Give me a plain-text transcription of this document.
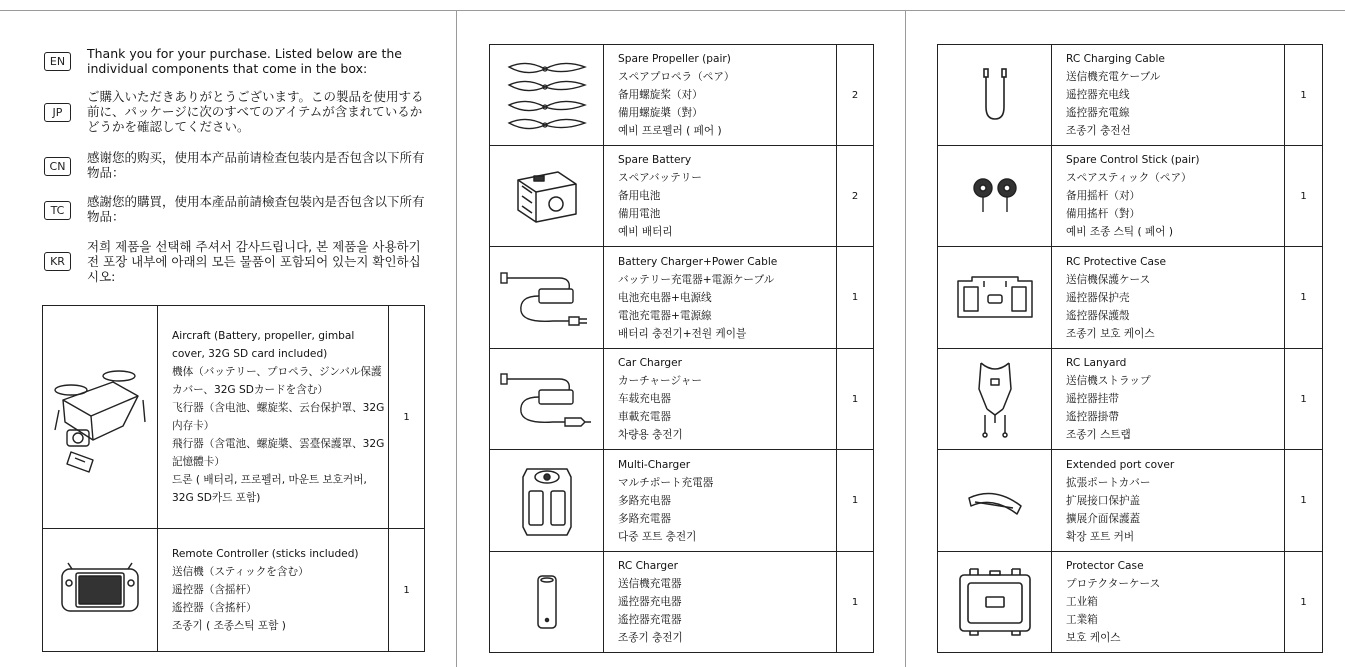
EN
Thank you for your purchase. Listed below are the individual components that come in the box:
JP
ご購入いただきありがとうございます。この製品を使用する前に、パッケージに次のすべてのアイテムが含まれているかどうかを確認してください。
CN
感谢您的购买，使用本产品前请检查包装内是否包含以下所有物品：
TC
感謝您的購買，使用本產品前請檢查包裝內是否包含以下所有物品：
KR
저희 제품을 선택해 주셔서 감사드립니다, 본 제품을 사용하기전 포장 내부에 아래의 모든 물품이 포함되어 있는지 확인하십시오:

Aircraft (Battery, propeller, gimbal cover, 32G SD card included)
機体（バッテリー、プロペラ、ジンバル保護カバー、32G SDカードを含む）
飞行器（含电池、螺旋桨、云台保护罩、32G内存卡）
飛行器（含電池、螺旋槳、雲臺保護罩、32G記憶體卡）
드론 ( 배터리, 프로펠러, 마운트 보호커버, 32G SD카드 포함)	1

Remote Controller (sticks included)
送信機（スティックを含む）
遥控器（含摇杆）
遙控器（含搖杆）
조종기 ( 조종스틱 포함 )	1

Spare Propeller (pair)
スペアプロペラ（ペア）
备用螺旋桨（对）
備用螺旋槳（對）
예비 프로펠러 ( 페어 )	2

Spare Battery
スペアバッテリー
备用电池
備用電池
예비 배터리	2

Battery Charger+Power Cable
バッテリー充電器+電源ケーブル
电池充电器+电源线
電池充電器+電源線
배터리 충전기+전원 케이블	1

Car Charger
カーチャージャー
车载充电器
車載充電器
차량용 충전기	1

Multi-Charger
マルチポート充電器
多路充电器
多路充電器
다중 포트 충전기	1

RC Charger
送信機充電器
遥控器充电器
遙控器充電器
조종기 충전기	1

RC Charging Cable
送信機充電ケーブル
遥控器充电线
遙控器充電線
조종기 충전선	1

Spare Control Stick (pair)
スペアスティック（ペア）
备用摇杆（对）
備用搖杆（對）
예비 조종 스틱 ( 페어 )	1

RC Protective Case
送信機保護ケース
遥控器保护壳
遙控器保護殼
조종기 보호 케이스	1

RC Lanyard
送信機ストラップ
遥控器挂带
遙控器掛帶
조종기 스트랩	1

Extended port cover
拡張ポートカバー
扩展接口保护盖
擴展介面保護蓋
확장 포트 커버	1

Protector Case
プロテクターケース
工业箱
工業箱
보호 케이스	1
